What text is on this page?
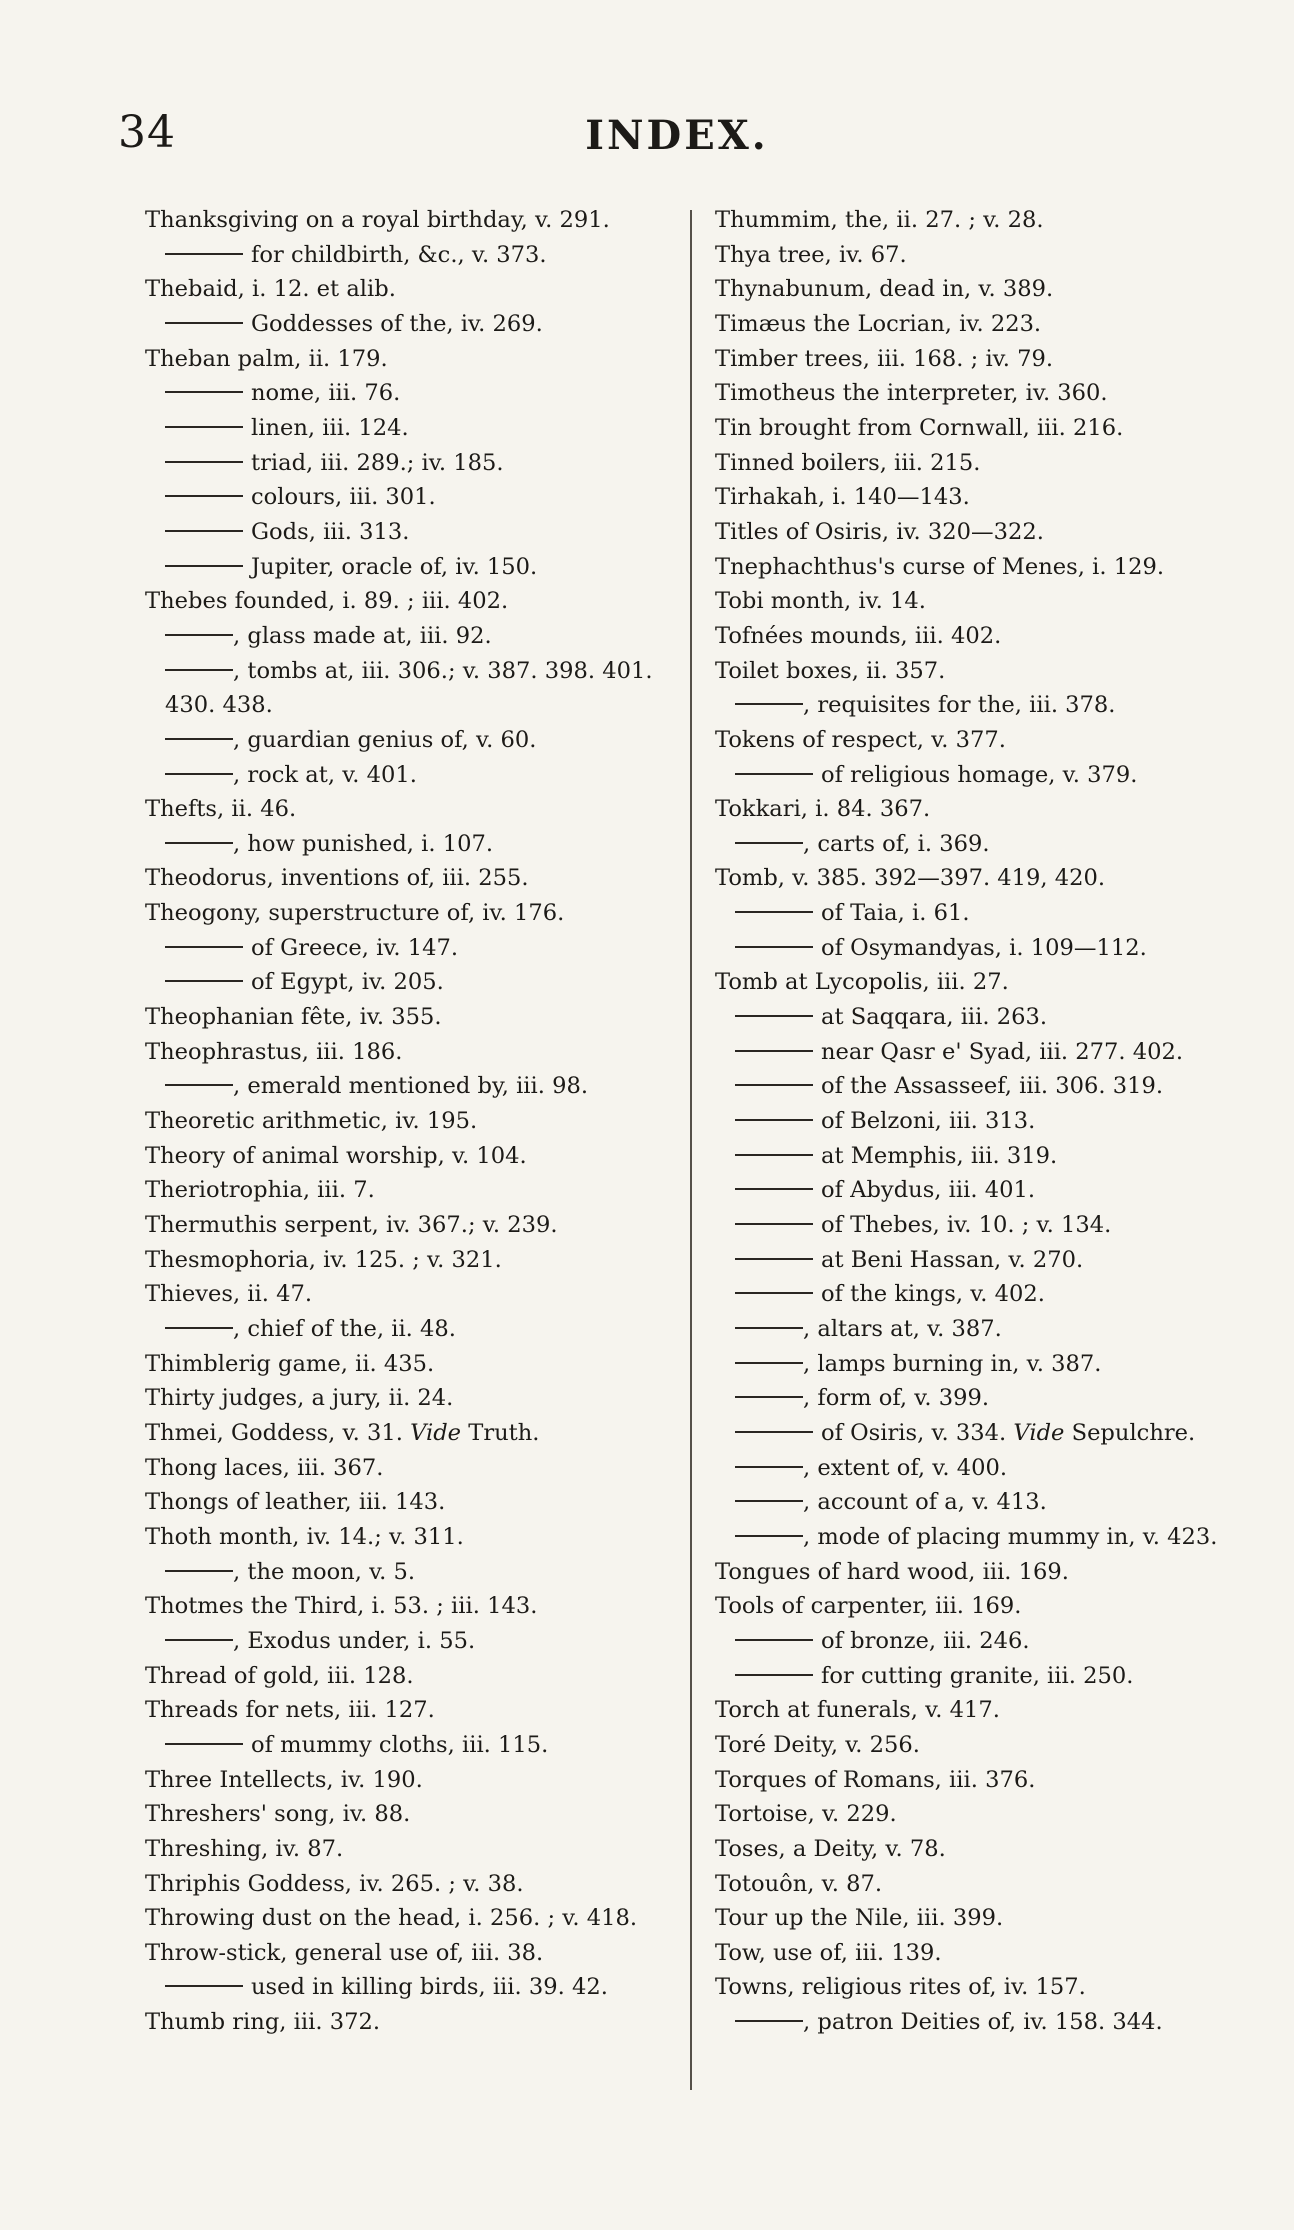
34	INDEX.
Thanksgiving on a royal birthday, v. 291.
for childbirth, &c., v. 373.
Thebaid, i. 12. et alib.
Goddesses of the, iv. 269.
Theban palm, ii. 179.
nome, iii. 76.
linen, iii. 124.
triad, iii. 289.; iv. 185.
colours, iii. 301.
Gods, iii. 313.
Jupiter, oracle of, iv. 150.
Thebes founded, i. 89. ; iii. 402.
, glass made at, iii. 92.
, tombs at, iii. 306.; v. 387. 398. 401. 430. 438.
, guardian genius of, v. 60.
, rock at, v. 401.
Thefts, ii. 46.
, how punished, i. 107.
Theodorus, inventions of, iii. 255.
Theogony, superstructure of, iv. 176.
of Greece, iv. 147.
of Egypt, iv. 205.
Theophanian fête, iv. 355.
Theophrastus, iii. 186.
, emerald mentioned by, iii. 98.
Theoretic arithmetic, iv. 195.
Theory of animal worship, v. 104.
Theriotrophia, iii. 7.
Thermuthis serpent, iv. 367.; v. 239.
Thesmophoria, iv. 125. ; v. 321.
Thieves, ii. 47.
, chief of the, ii. 48.
Thimblerig game, ii. 435.
Thirty judges, a jury, ii. 24.
Thmei, Goddess, v. 31. Vide Truth.
Thong laces, iii. 367.
Thongs of leather, iii. 143.
Thoth month, iv. 14.; v. 311.
, the moon, v. 5.
Thotmes the Third, i. 53. ; iii. 143.
, Exodus under, i. 55.
Thread of gold, iii. 128.
Threads for nets, iii. 127.
of mummy cloths, iii. 115.
Three Intellects, iv. 190.
Threshers' song, iv. 88.
Threshing, iv. 87.
Thriphis Goddess, iv. 265. ; v. 38.
Throwing dust on the head, i. 256. ; v. 418.
Throw-stick, general use of, iii. 38.
used in killing birds, iii. 39. 42.
Thumb ring, iii. 372.
Thummim, the, ii. 27. ; v. 28.
Thya tree, iv. 67.
Thynabunum, dead in, v. 389.
Timæus the Locrian, iv. 223.
Timber trees, iii. 168. ; iv. 79.
Timotheus the interpreter, iv. 360.
Tin brought from Cornwall, iii. 216.
Tinned boilers, iii. 215.
Tirhakah, i. 140—143.
Titles of Osiris, iv. 320—322.
Tnephachthus's curse of Menes, i. 129.
Tobi month, iv. 14.
Tofnées mounds, iii. 402.
Toilet boxes, ii. 357.
, requisites for the, iii. 378.
Tokens of respect, v. 377.
of religious homage, v. 379.
Tokkari, i. 84. 367.
, carts of, i. 369.
Tomb, v. 385. 392—397. 419, 420.
of Taia, i. 61.
of Osymandyas, i. 109—112.
Tomb at Lycopolis, iii. 27.
at Saqqara, iii. 263.
near Qasr e' Syad, iii. 277. 402.
of the Assasseef, iii. 306. 319.
of Belzoni, iii. 313.
at Memphis, iii. 319.
of Abydus, iii. 401.
of Thebes, iv. 10. ; v. 134.
at Beni Hassan, v. 270.
of the kings, v. 402.
, altars at, v. 387.
, lamps burning in, v. 387.
, form of, v. 399.
of Osiris, v. 334. Vide Sepulchre.
, extent of, v. 400.
, account of a, v. 413.
, mode of placing mummy in, v. 423.
Tongues of hard wood, iii. 169.
Tools of carpenter, iii. 169.
of bronze, iii. 246.
for cutting granite, iii. 250.
Torch at funerals, v. 417.
Toré Deity, v. 256.
Torques of Romans, iii. 376.
Tortoise, v. 229.
Toses, a Deity, v. 78.
Totouôn, v. 87.
Tour up the Nile, iii. 399.
Tow, use of, iii. 139.
Towns, religious rites of, iv. 157.
, patron Deities of, iv. 158. 344.
